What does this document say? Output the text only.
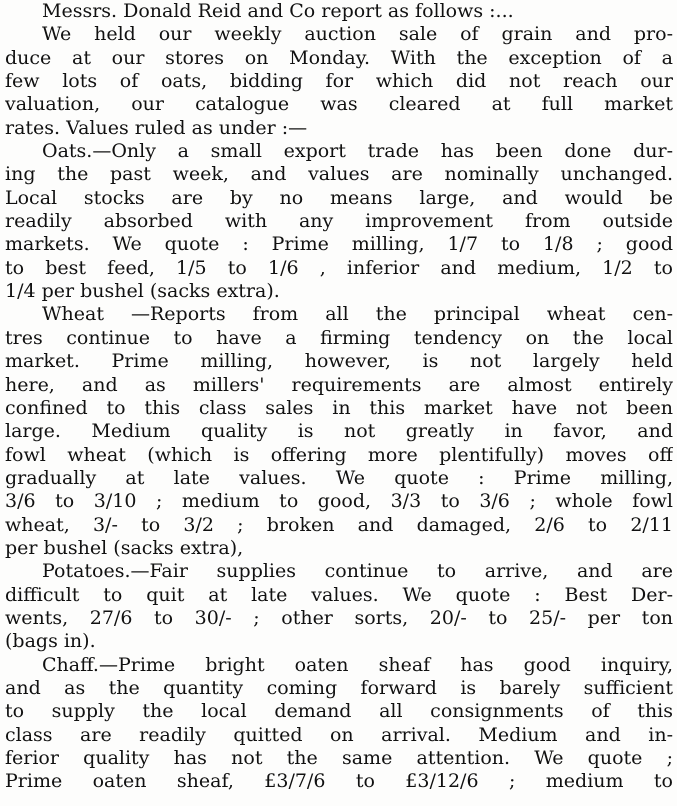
Messrs. Donald Reid and Co report as follows :...
We held our weekly auction sale of grain and pro-
duce at our stores on Monday. With the exception of a
few lots of oats, bidding for which did not reach our
valuation, our catalogue was cleared at full market
rates. Values ruled as under :—
Oats.—Only a small export trade has been done dur-
ing the past week, and values are nominally unchanged.
Local stocks are by no means large, and would be
readily absorbed with any improvement from outside
markets. We quote : Prime milling, 1/7 to 1/8 ; good
to best feed, 1/5 to 1/6 , inferior and medium, 1/2 to
1/4 per bushel (sacks extra).
Wheat —Reports from all the principal wheat cen-
tres continue to have a firming tendency on the local
market. Prime milling, however, is not largely held
here, and as millers' requirements are almost entirely
confined to this class sales in this market have not been
large. Medium quality is not greatly in favor, and
fowl wheat (which is offering more plentifully) moves off
gradually at late values. We quote : Prime milling,
3/6 to 3/10 ; medium to good, 3/3 to 3/6 ; whole fowl
wheat, 3/- to 3/2 ; broken and damaged, 2/6 to 2/11
per bushel (sacks extra),
Potatoes.—Fair supplies continue to arrive, and are
difficult to quit at late values. We quote : Best Der-
wents, 27/6 to 30/- ; other sorts, 20/- to 25/- per ton
(bags in).
Chaff.—Prime bright oaten sheaf has good inquiry,
and as the quantity coming forward is barely sufficient
to supply the local demand all consignments of this
class are readily quitted on arrival. Medium and in-
ferior quality has not the same attention. We quote ;
Prime oaten sheaf, £3/7/6 to £3/12/6 ; medium to
